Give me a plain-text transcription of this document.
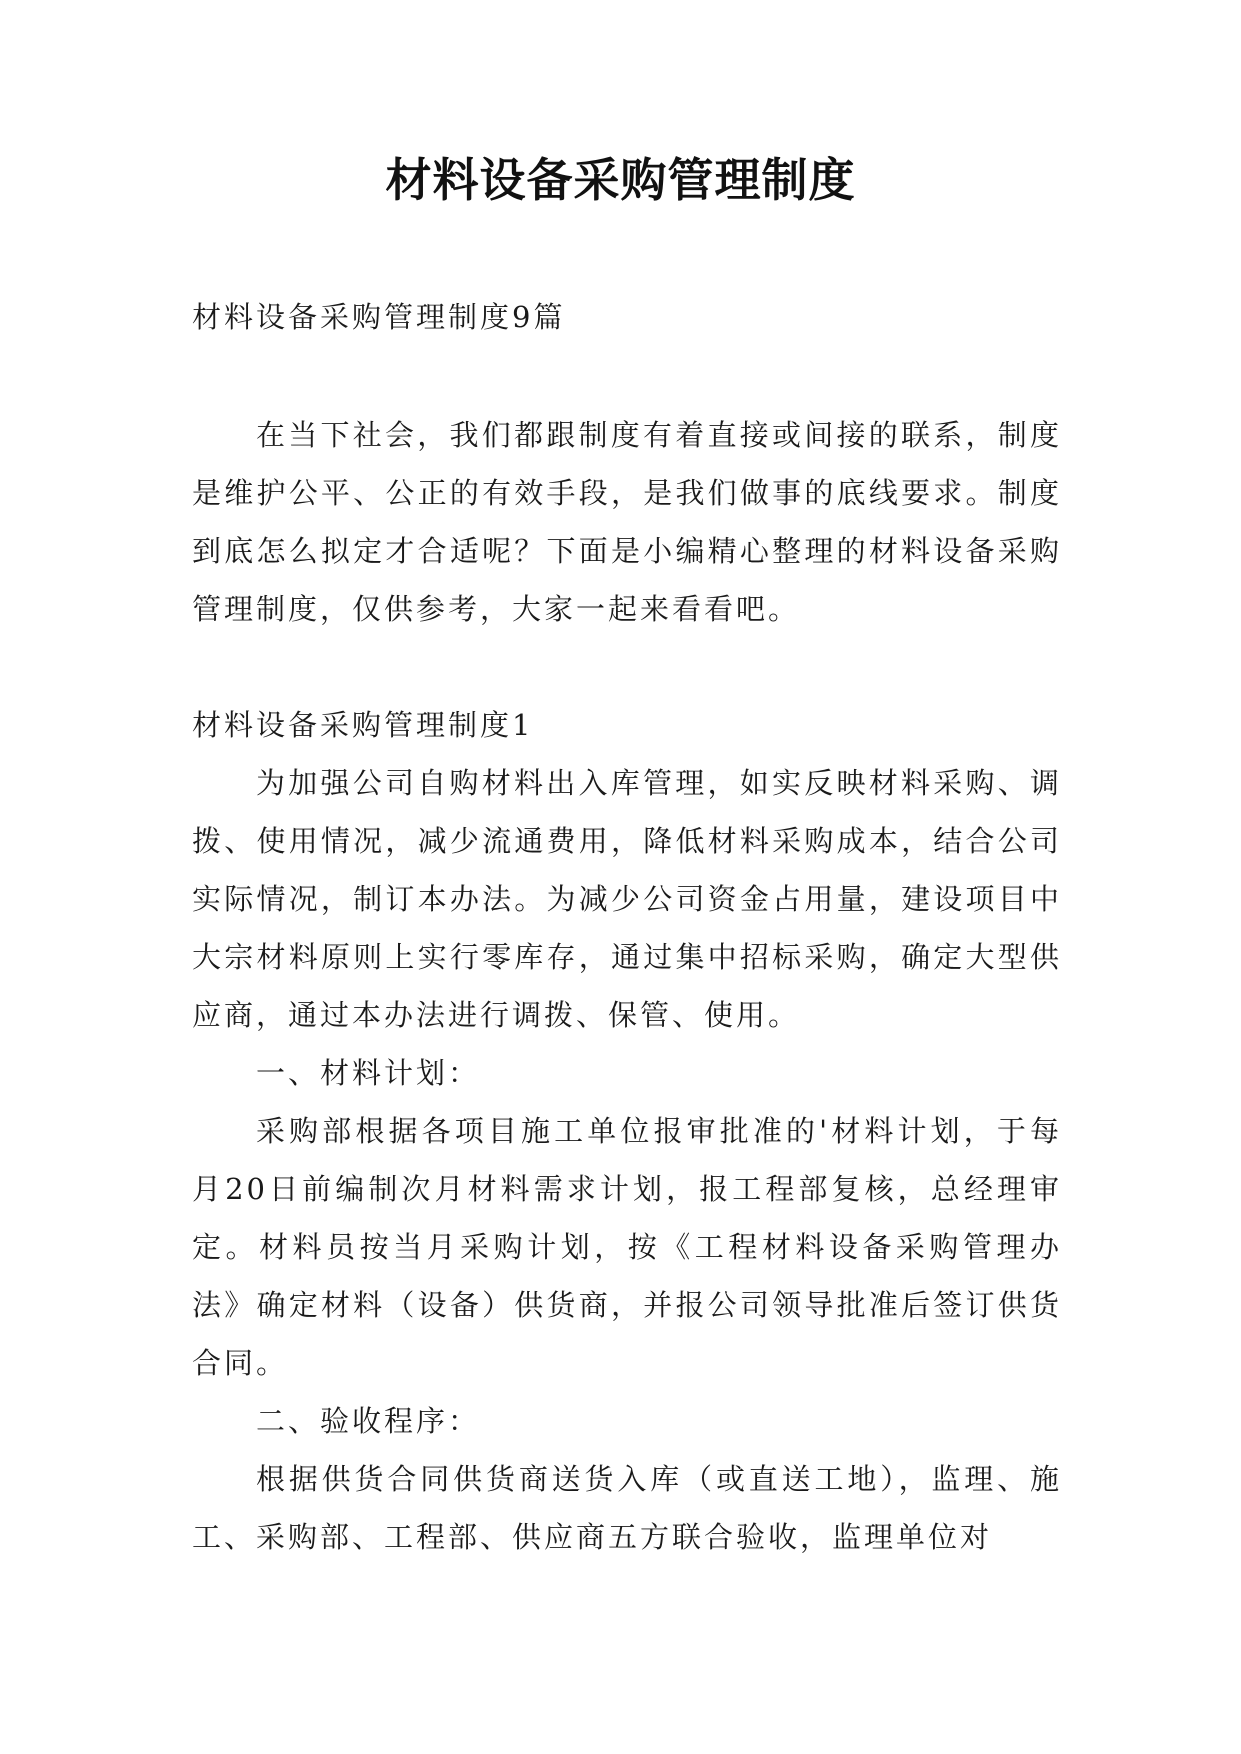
材料设备采购管理制度

材料设备采购管理制度9篇

在当下社会，我们都跟制度有着直接或间接的联系，制度是维护公平、公正的有效手段，是我们做事的底线要求。制度到底怎么拟定才合适呢？下面是小编精心整理的材料设备采购管理制度，仅供参考，大家一起来看看吧。

材料设备采购管理制度1

为加强公司自购材料出入库管理，如实反映材料采购、调拨、使用情况，减少流通费用，降低材料采购成本，结合公司实际情况，制订本办法。为减少公司资金占用量，建设项目中大宗材料原则上实行零库存，通过集中招标采购，确定大型供应商，通过本办法进行调拨、保管、使用。

一、材料计划：

采购部根据各项目施工单位报审批准的'材料计划，于每月20日前编制次月材料需求计划，报工程部复核，总经理审定。材料员按当月采购计划，按《工程材料设备采购管理办法》确定材料（设备）供货商，并报公司领导批准后签订供货合同。

二、验收程序：

根据供货合同供货商送货入库（或直送工地），监理、施工、采购部、工程部、供应商五方联合验收，监理单位对
